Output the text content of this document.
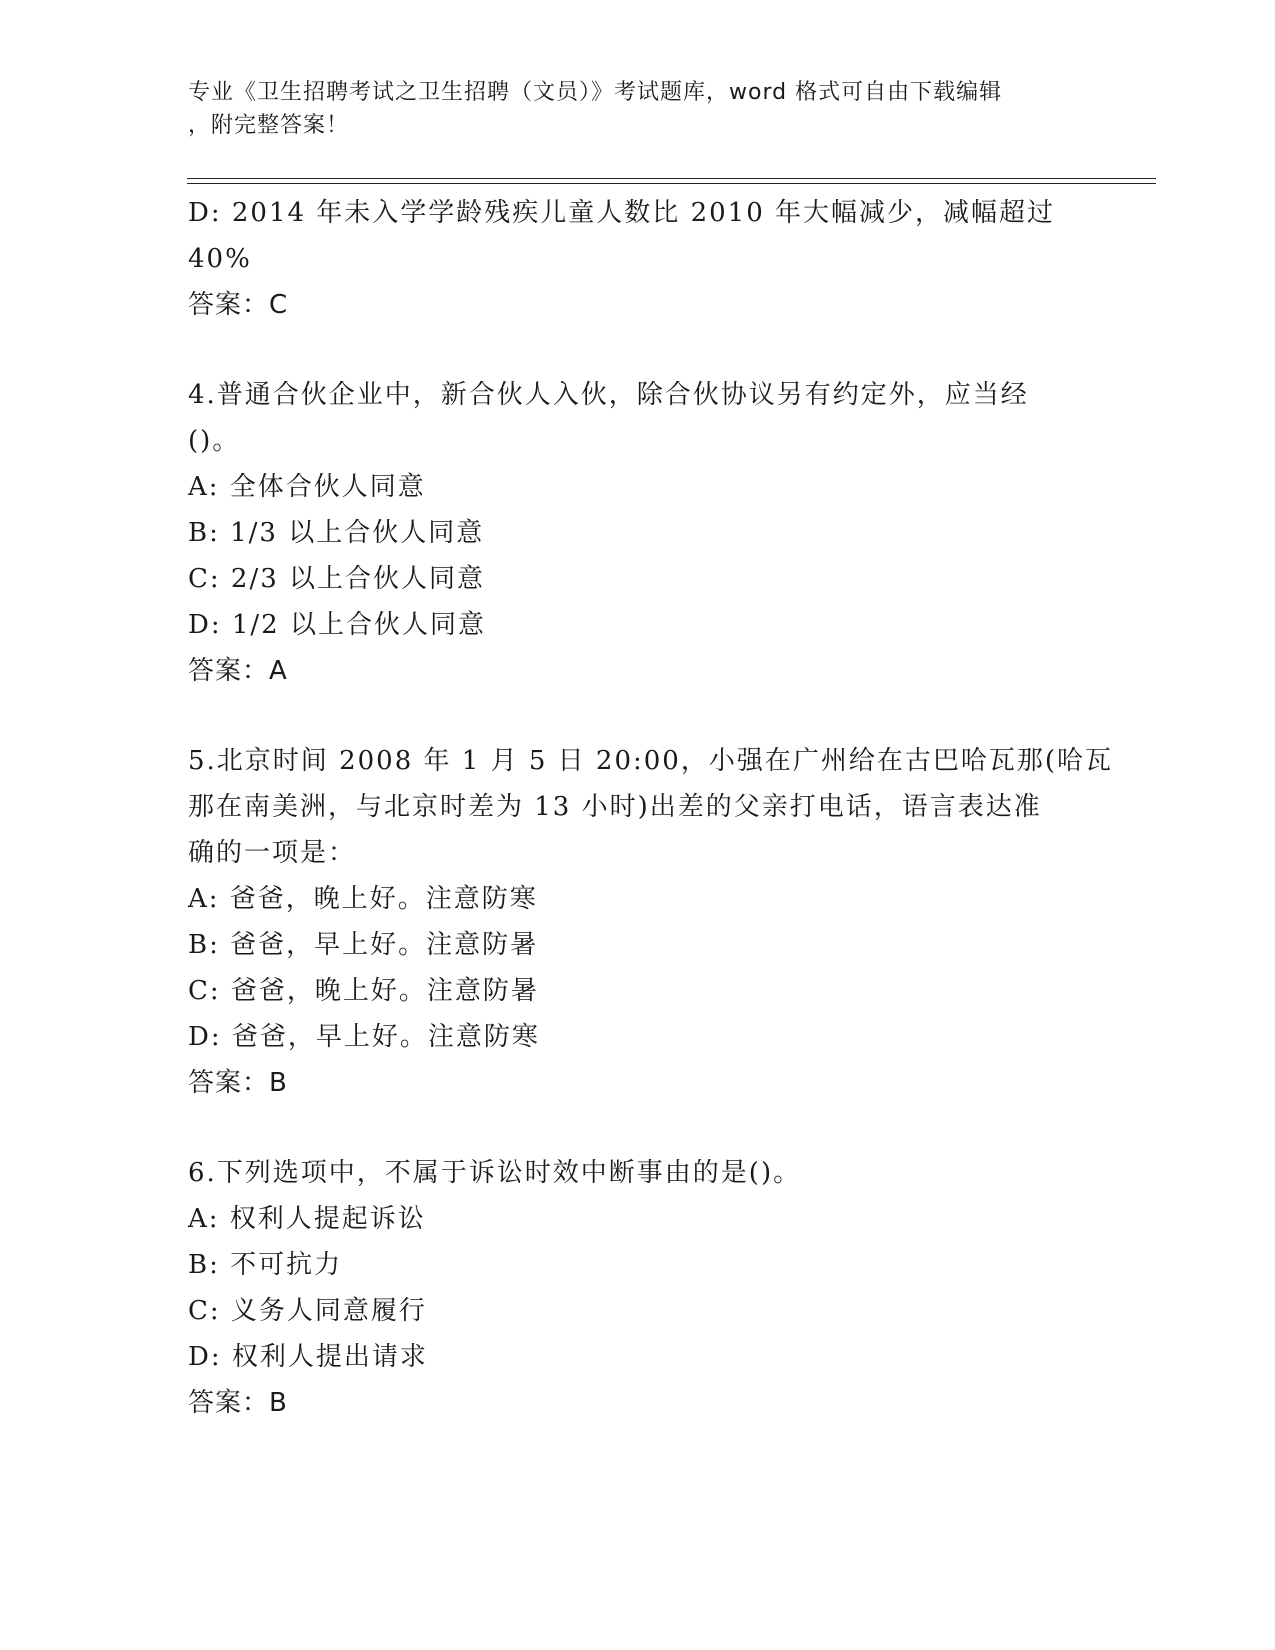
专业《卫生招聘考试之卫生招聘（文员）》考试题库，word 格式可自由下载编辑
，附完整答案！
D: 2014 年未入学学龄残疾儿童人数比 2010 年大幅减少，减幅超过
40%
答案：C
4.普通合伙企业中，新合伙人入伙，除合伙协议另有约定外，应当经
()。
A: 全体合伙人同意
B: 1/3 以上合伙人同意
C: 2/3 以上合伙人同意
D: 1/2 以上合伙人同意
答案：A
5.北京时间 2008 年 1 月 5 日 20:00，小强在广州给在古巴哈瓦那(哈瓦
那在南美洲，与北京时差为 13 小时)出差的父亲打电话，语言表达准
确的一项是：
A: 爸爸，晚上好。注意防寒
B: 爸爸，早上好。注意防暑
C: 爸爸，晚上好。注意防暑
D: 爸爸，早上好。注意防寒
答案：B
6.下列选项中，不属于诉讼时效中断事由的是()。
A: 权利人提起诉讼
B: 不可抗力
C: 义务人同意履行
D: 权利人提出请求
答案：B
